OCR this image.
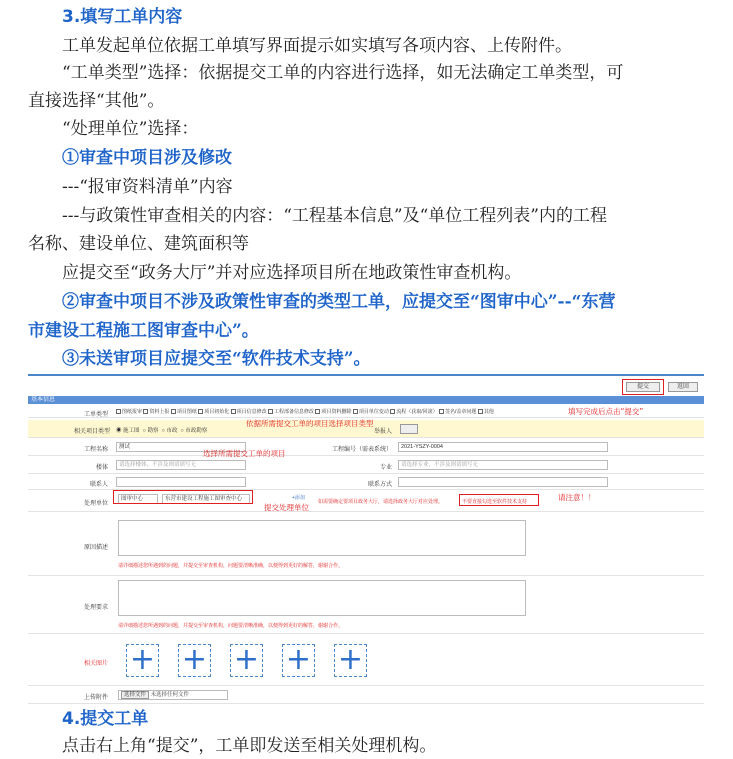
3.填写工单内容
工单发起单位依据工单填写界面提示如实填写各项内容、上传附件。
“工单类型”选择：依据提交工单的内容进行选择，如无法确定工单类型，可
直接选择“其他”。
“处理单位”选择：
①审查中项目涉及修改
---“报审资料清单”内容
---与政策性审查相关的内容：“工程基本信息”及“单位工程列表”内的工程
名称、建设单位、建筑面积等
应提交至“政务大厅”并对应选择项目所在地政策性审查机构。
②审查中项目不涉及政策性审查的类型工单，应提交至“图审中心”--“东营
市建设工程施工图审查中心”。
③未送审项目应提交至“软件技术支持”。
提交	返回
基本信息
工单类型	图纸报审 资料上报 项目图纸 项目初始化 项目信息修改 工程部备信息修改 项目资料删除 项目单位变动 流程（获取/回滚） 签名/盖章问题 其他	填写完成后点击“提交”
相关项目类型 ◉ 施工图  ○ 勘察  ○ 市政  ○ 市政勘察	举报人
依据所需提交工单的项目选择项目类型
工程名称	测试	工程编号（需表系统）	2021-YSZY-0004
选择所需提交工单的项目
楼体	请选择楼体，不涉及则请填写无	专业	请选择专业，不涉及则请填写无
联系人	联系方式
处理单位
图审中心	东营市建设工程施工图审查中心	+添加
如需要确定要项目政务大厅，请选择政务大厅对应处理。	不要直接勾选至软件技术支持
提交处理单位
请注意！！
原因描述
请详细描述您所遇到的问题，并提交至审查机构，问题要清晰准确，以便得到更好的解答，谢谢合作。
处理要求
请详细描述您所遇到的问题，并提交至审查机构，问题要清晰准确，以便得到更好的解答，谢谢合作。
相关图片 + + + + +
上传附件	选择文件 未选择任何文件
4.提交工单
点击右上角“提交”，工单即发送至相关处理机构。
